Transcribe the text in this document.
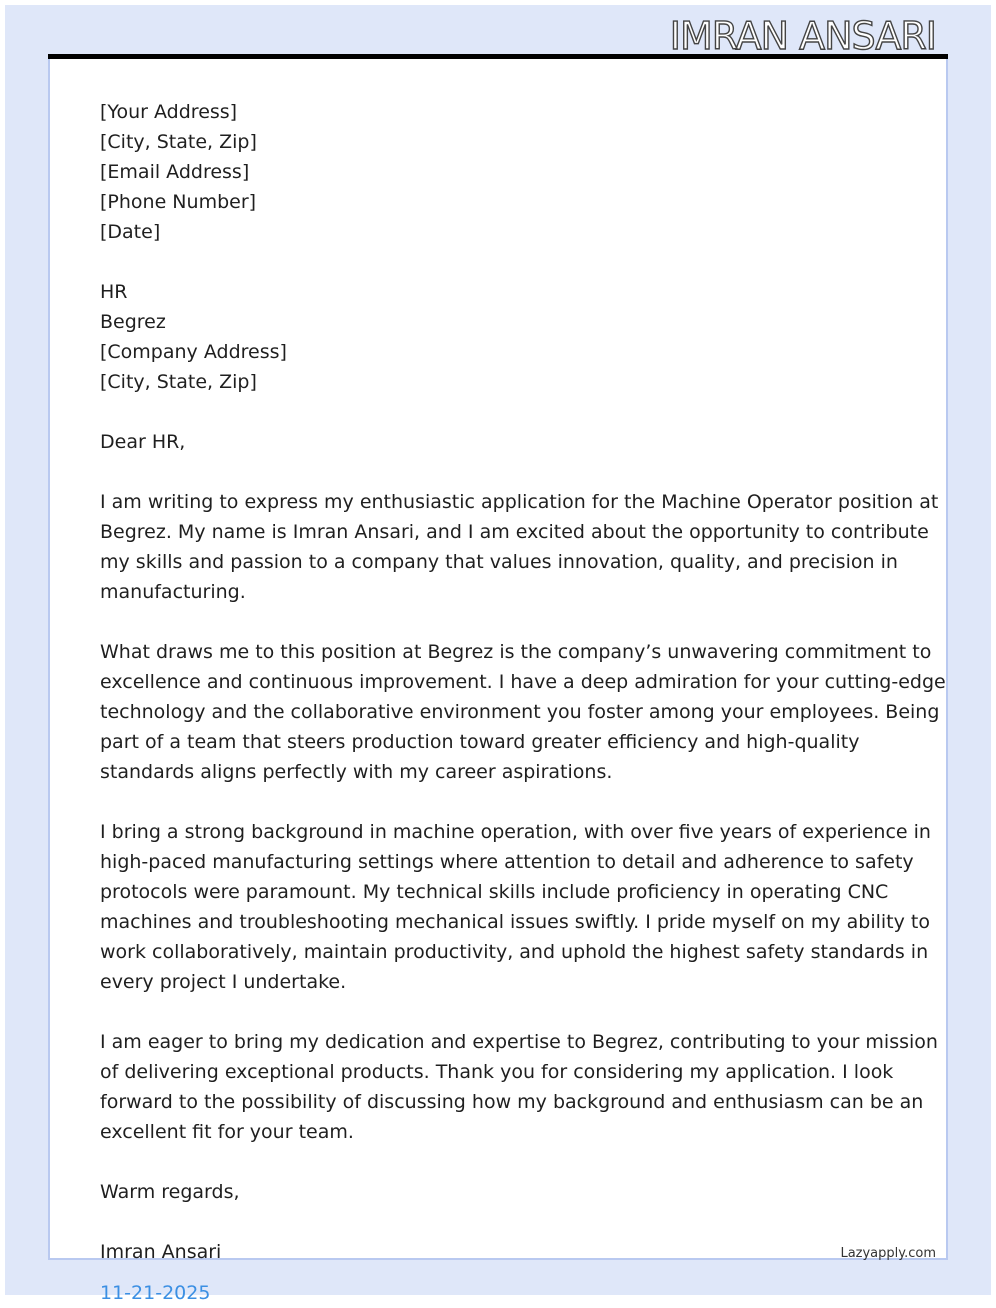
IMRAN ANSARI
[Your Address]
[City, State, Zip]
[Email Address]
[Phone Number]
[Date]
HR
Begrez
[Company Address]
[City, State, Zip]
Dear HR,
I am writing to express my enthusiastic application for the Machine Operator position at
Begrez. My name is Imran Ansari, and I am excited about the opportunity to contribute
my skills and passion to a company that values innovation, quality, and precision in
manufacturing.
What draws me to this position at Begrez is the company’s unwavering commitment to
excellence and continuous improvement. I have a deep admiration for your cutting-edge
technology and the collaborative environment you foster among your employees. Being
part of a team that steers production toward greater efficiency and high-quality
standards aligns perfectly with my career aspirations.
I bring a strong background in machine operation, with over five years of experience in
high-paced manufacturing settings where attention to detail and adherence to safety
protocols were paramount. My technical skills include proficiency in operating CNC
machines and troubleshooting mechanical issues swiftly. I pride myself on my ability to
work collaboratively, maintain productivity, and uphold the highest safety standards in
every project I undertake.
I am eager to bring my dedication and expertise to Begrez, contributing to your mission
of delivering exceptional products. Thank you for considering my application. I look
forward to the possibility of discussing how my background and enthusiasm can be an
excellent fit for your team.
Warm regards,
Imran Ansari	Lazyapply.com
11-21-2025
